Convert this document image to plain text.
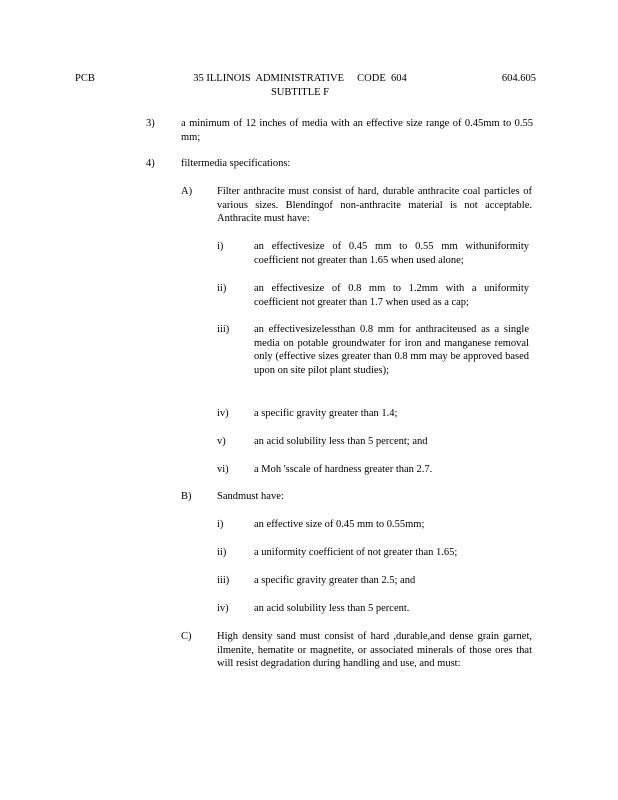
PCB	35 ILLINOIS  ADMINISTRATIVE     CODE  604
SUBTITLE F
604.605
3)	a minimum of 12 inches of media with an effective size range of 0.45mm to 0.55 mm;
4)	filtermedia specifications:
A) Filter anthracite must consist of hard, durable anthracite coal particles of various sizes. Blendingof non-anthracite material is not acceptable. Anthracite must have:
i)	an effectivesize of 0.45 mm to 0.55 mm withuniformity coefficient not greater than 1.65 when used alone;
ii)	an effectivesize of 0.8 mm to 1.2mm with a uniformity coefficient not greater than 1.7 when used as a cap;
iii) an effectivesizelessthan 0.8 mm for anthraciteused as a single media on potable groundwater for iron and manganese removal only (effective sizes greater than 0.8 mm may be approved based upon on site pilot plant studies);
iv) a specific gravity greater than 1.4;
v)	an acid solubility less than 5 percent; and
vi) a Moh 'sscale of hardness greater than 2.7.
B) Sandmust have:
i)	an effective size of 0.45 mm to 0.55mm;
ii)	a uniformity coefficient of not greater than 1.65;
iii) a specific gravity greater than 2.5; and
iv) an acid solubility less than 5 percent.
C) High density sand must consist of hard ,durable,and dense grain garnet, ilmenite, hematite or magnetite, or associated minerals of those ores that will resist degradation during handling and use, and must:
